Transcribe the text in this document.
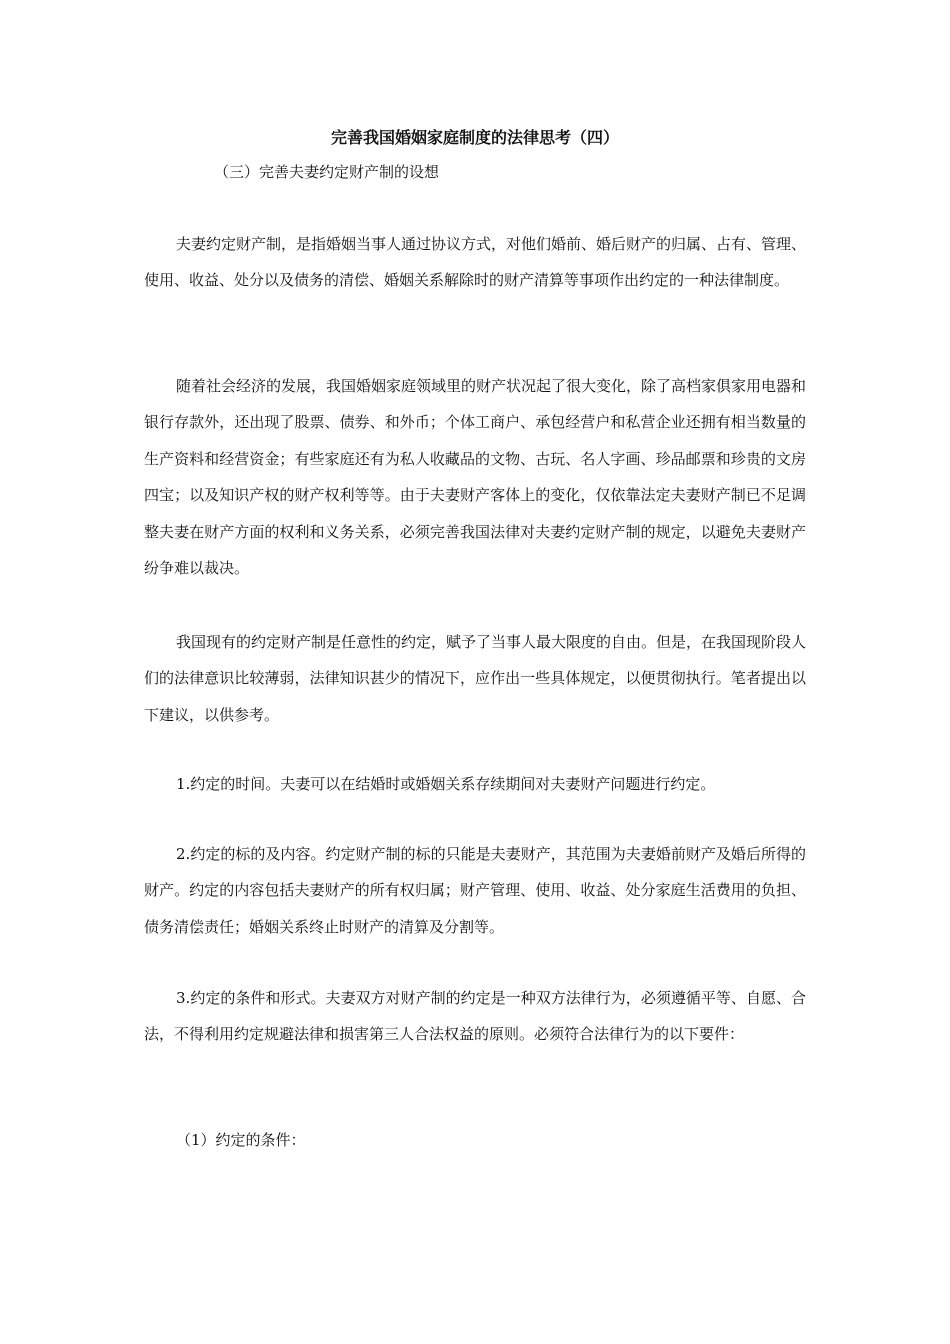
完善我国婚姻家庭制度的法律思考（四）
（三）完善夫妻约定财产制的设想

夫妻约定财产制，是指婚姻当事人通过协议方式，对他们婚前、婚后财产的归属、占有、管理、使用、收益、处分以及债务的清偿、婚姻关系解除时的财产清算等事项作出约定的一种法律制度。

随着社会经济的发展，我国婚姻家庭领域里的财产状况起了很大变化，除了高档家俱家用电器和银行存款外，还出现了股票、债券、和外币；个体工商户、承包经营户和私营企业还拥有相当数量的生产资料和经营资金；有些家庭还有为私人收藏品的文物、古玩、名人字画、珍品邮票和珍贵的文房四宝；以及知识产权的财产权利等等。由于夫妻财产客体上的变化，仅依靠法定夫妻财产制已不足调整夫妻在财产方面的权利和义务关系，必须完善我国法律对夫妻约定财产制的规定，以避免夫妻财产纷争难以裁决。

我国现有的约定财产制是任意性的约定，赋予了当事人最大限度的自由。但是，在我国现阶段人们的法律意识比较薄弱，法律知识甚少的情况下，应作出一些具体规定，以便贯彻执行。笔者提出以下建议，以供参考。

1.约定的时间。夫妻可以在结婚时或婚姻关系存续期间对夫妻财产问题进行约定。

2.约定的标的及内容。约定财产制的标的只能是夫妻财产，其范围为夫妻婚前财产及婚后所得的财产。约定的内容包括夫妻财产的所有权归属；财产管理、使用、收益、处分家庭生活费用的负担、债务清偿责任；婚姻关系终止时财产的清算及分割等。

3.约定的条件和形式。夫妻双方对财产制的约定是一种双方法律行为，必须遵循平等、自愿、合法，不得利用约定规避法律和损害第三人合法权益的原则。必须符合法律行为的以下要件：

（1）约定的条件：
